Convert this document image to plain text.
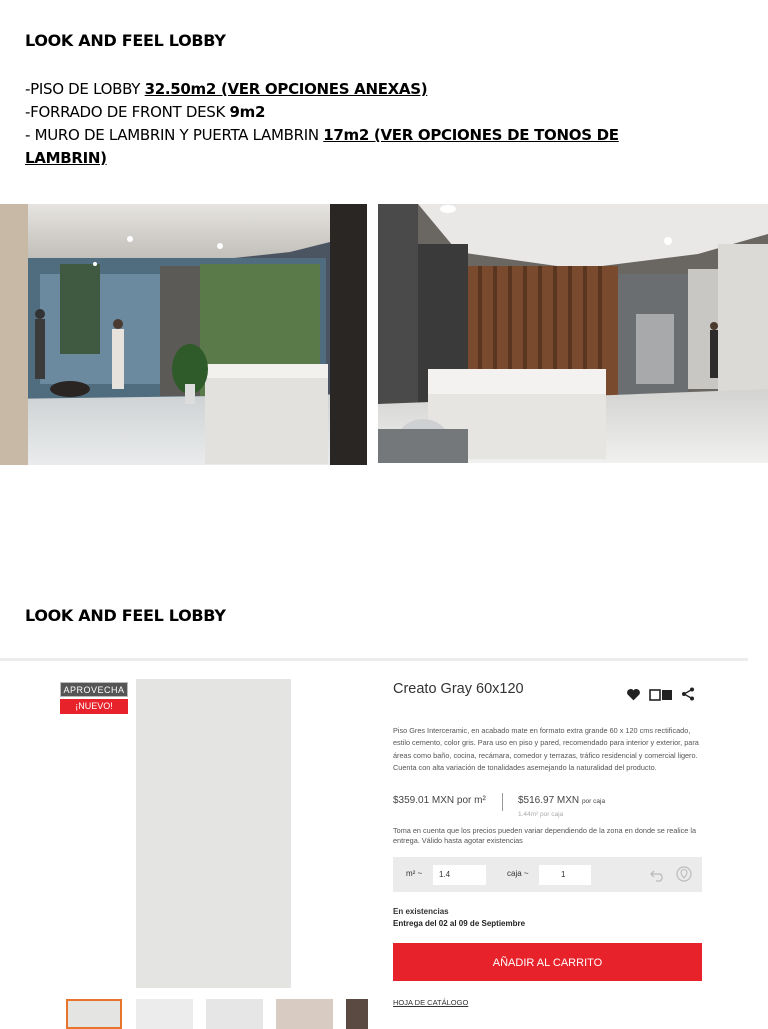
LOOK AND FEEL LOBBY
-PISO DE LOBBY 32.50m2 (VER OPCIONES ANEXAS)
-FORRADO DE FRONT DESK 9m2
- MURO DE LAMBRIN Y PUERTA LAMBRIN 17m2 (VER OPCIONES DE TONOS DE LAMBRIN)
LOOK AND FEEL LOBBY
APROVECHA
¡NUEVO!
Creato Gray 60x120
Piso Gres Interceramic, en acabado mate en formato extra grande 60 x 120 cms rectificado, estilo cemento, color gris. Para uso en piso y pared, recomendado para interior y exterior, para áreas como baño, cocina, recámara, comedor y terrazas, tráfico residencial y comercial ligero. Cuenta con alta variación de tonalidades asemejando la naturalidad del producto.
$359.01 MXN por m²	$516.97 MXN por caja
1.44m² por caja
Toma en cuenta que los precios pueden variar dependiendo de la zona en donde se realice la entrega. Válido hasta agotar existencias
m² ~	1.4	caja ~	1
En existencias
Entrega del 02 al 09 de Septiembre
AÑADIR AL CARRITO
HOJA DE CATÁLOGO
